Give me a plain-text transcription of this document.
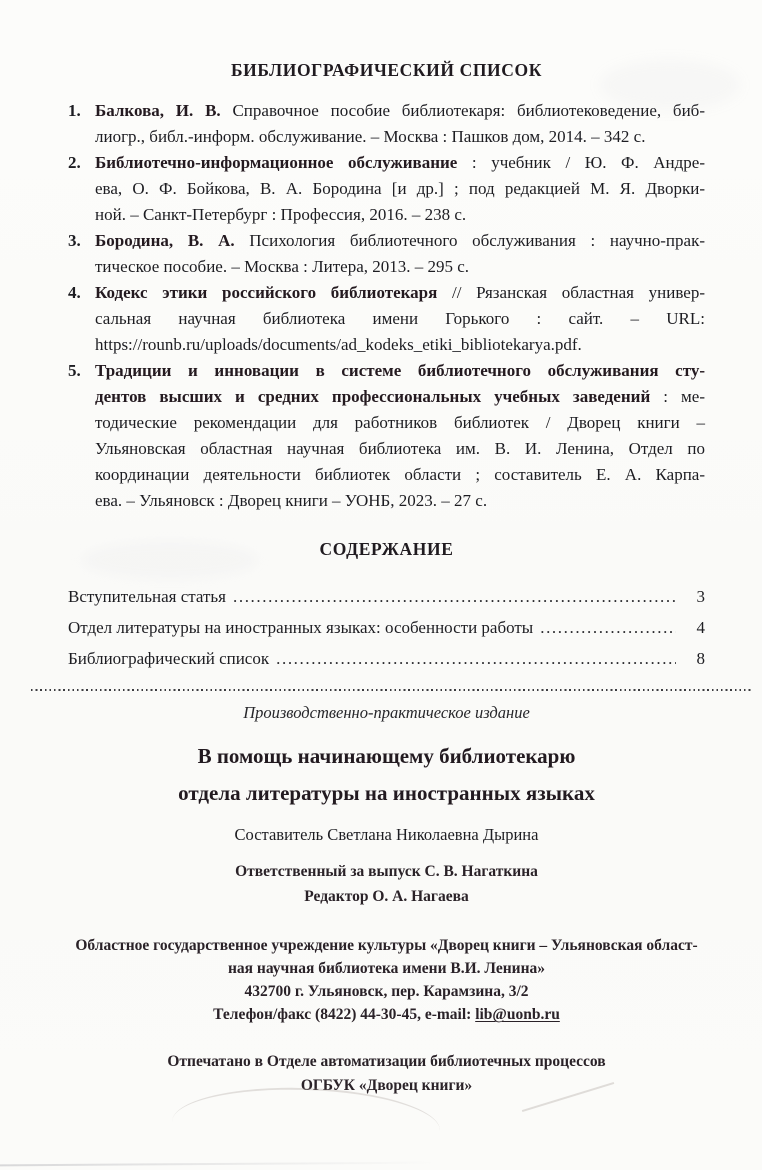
БИБЛИОГРАФИЧЕСКИЙ СПИСОК
1. Балкова, И. В. Справочное пособие библиотекаря: библиотековедение, биб-
лиогр., библ.-информ. обслуживание. – Москва : Пашков дом, 2014. – 342 с.
2. Библиотечно-информационное обслуживание : учебник / Ю. Ф. Андре-
ева, О. Ф. Бойкова, В. А. Бородина [и др.] ; под редакцией М. Я. Дворки-
ной. – Санкт-Петербург : Профессия, 2016. – 238 с.
3. Бородина, В. А. Психология библиотечного обслуживания : научно-прак-
тическое пособие. – Москва : Литера, 2013. – 295 с.
4. Кодекс этики российского библиотекаря // Рязанская областная универ-
сальная научная библиотека имени Горького : сайт. – URL:
https://rounb.ru/uploads/documents/ad_kodeks_etiki_bibliotekarya.pdf.
5. Традиции и инновации в системе библиотечного обслуживания сту-
дентов высших и средних профессиональных учебных заведений : ме-
тодические рекомендации для работников библиотек / Дворец книги –
Ульяновская областная научная библиотека им. В. И. Ленина, Отдел по
координации деятельности библиотек области ; составитель Е. А. Карпа-
ева. – Ульяновск : Дворец книги – УОНБ, 2023. – 27 с.
СОДЕРЖАНИЕ
Вступительная статья .....	3
Отдел литературы на иностранных языках: особенности работы .....	4
Библиографический список .....	8
Производственно-практическое издание
В помощь начинающему библиотекарю
отдела литературы на иностранных языках
Составитель Светлана Николаевна Дырина
Ответственный за выпуск С. В. Нагаткина
Редактор О. А. Нагаева
Областное государственное учреждение культуры «Дворец книги – Ульяновская област-
ная научная библиотека имени В.И. Ленина»
432700 г. Ульяновск, пер. Карамзина, 3/2
Телефон/факс (8422) 44-30-45, e-mail: lib@uonb.ru
Отпечатано в Отделе автоматизации библиотечных процессов
ОГБУК «Дворец книги»
